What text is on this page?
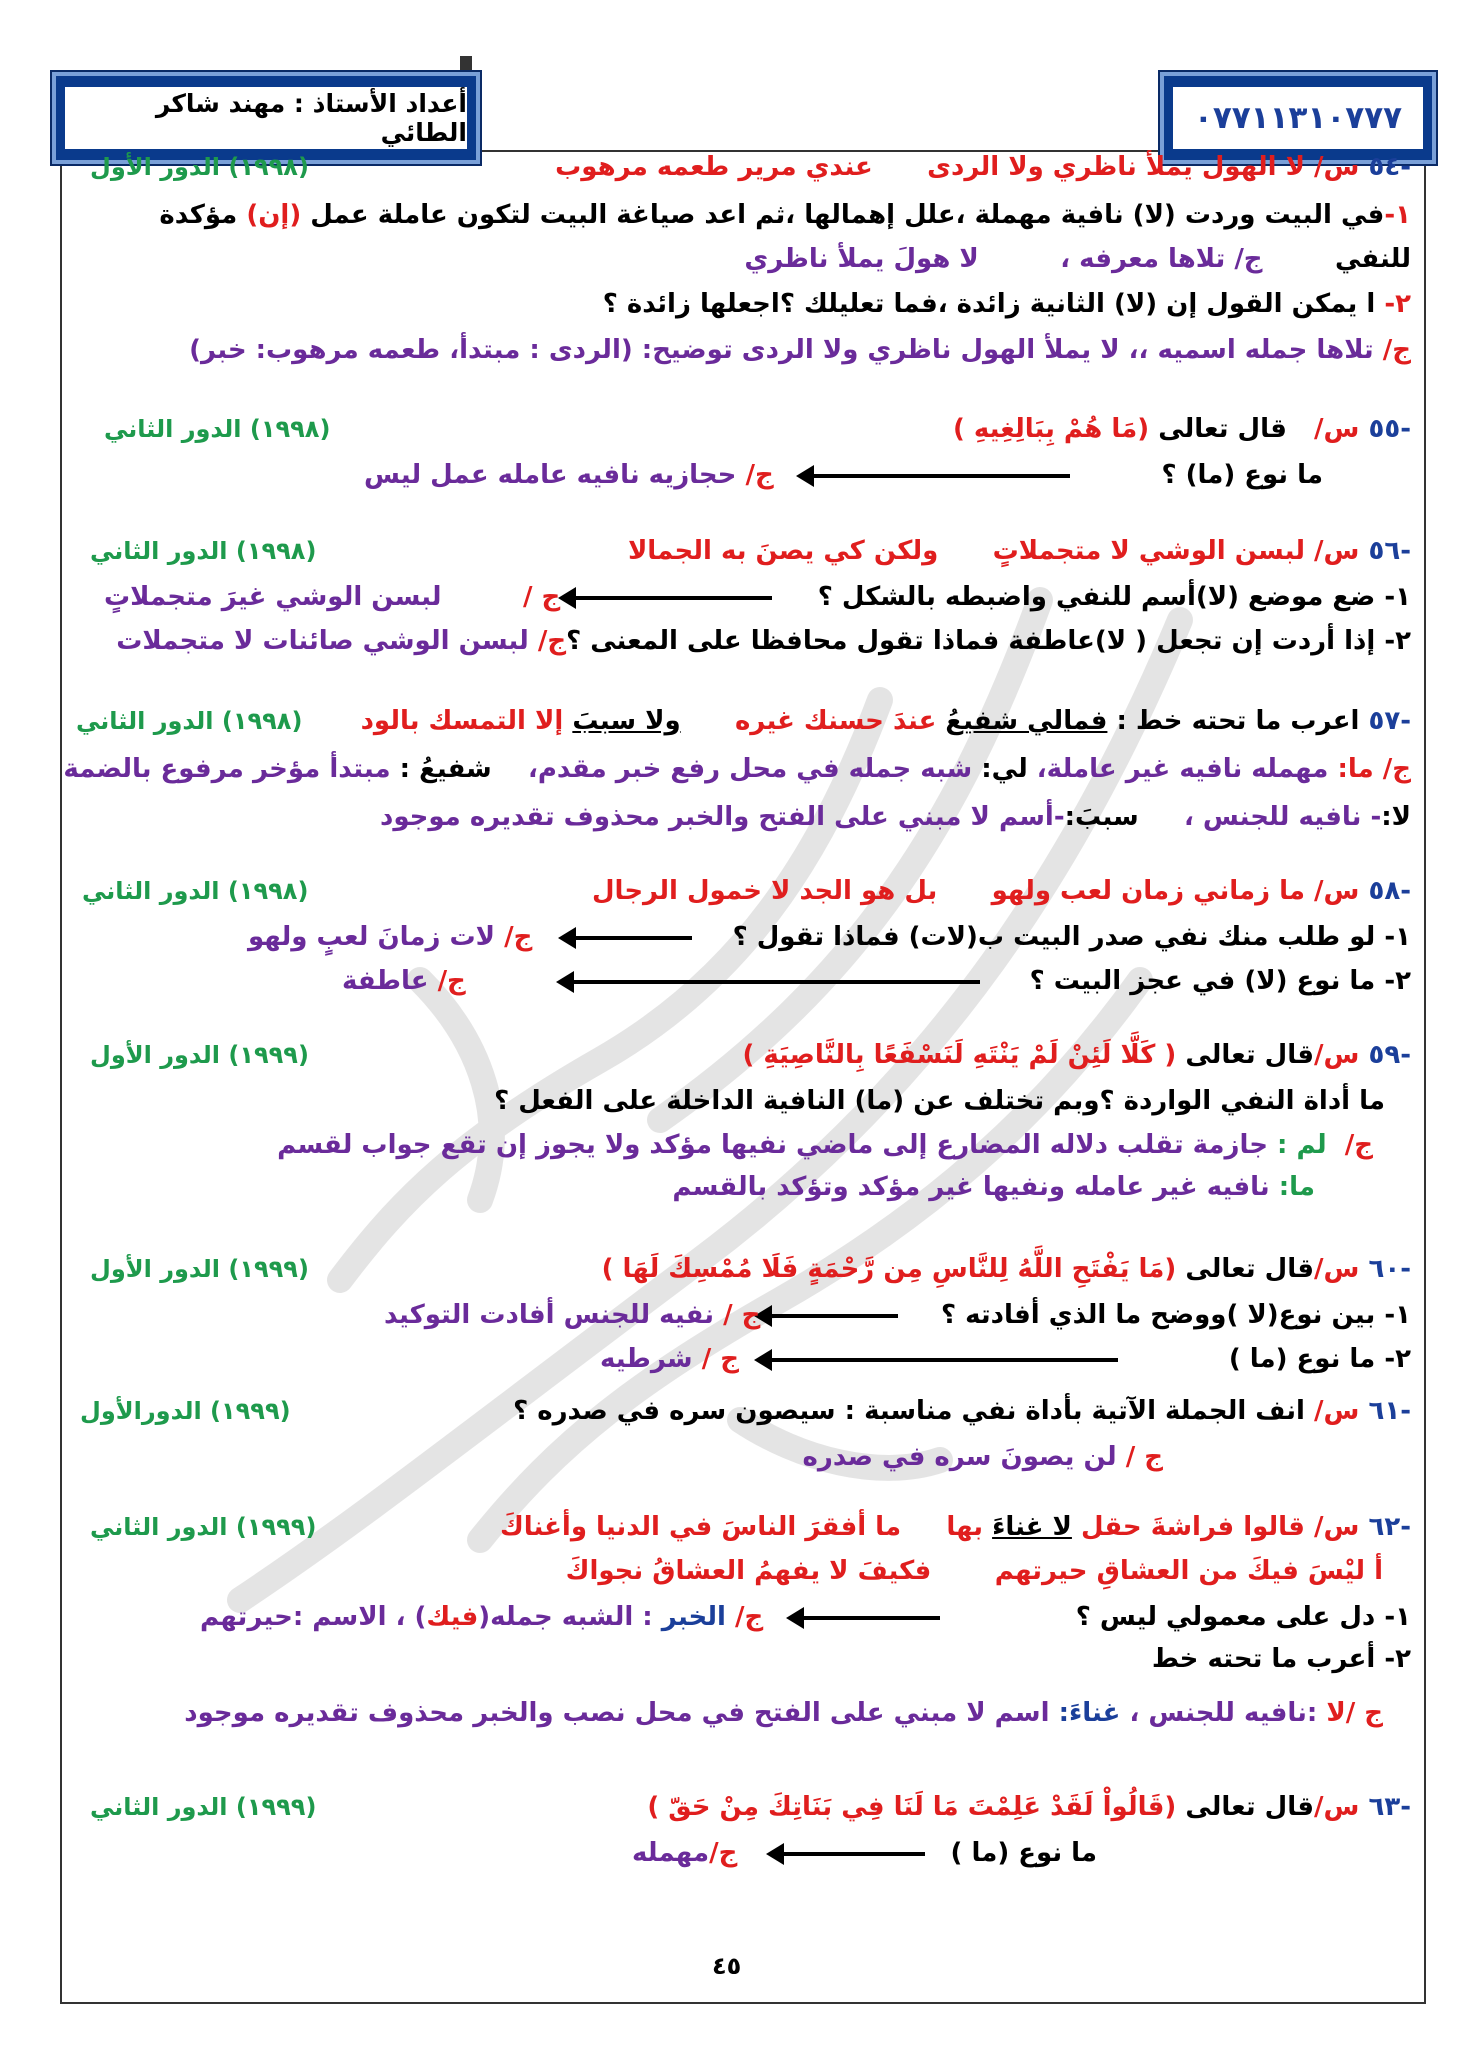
أعداد الأستاذ : مهند شاكر الطائي	٠٧٧١١٣١٠٧٧٧
(١٩٩٨) الدور الأول	-٥٤ س/ لا الهول يملأ ناظري ولا الردى      عندي مرير طعمه مرهوب
١-في البيت وردت (لا) نافية مهملة ،علل إهمالها ،ثم اعد صياغة البيت لتكون عاملة عمل (إن) مؤكدة
للنفي        ج/ تلاها معرفه ،         لا هولَ يملأ ناظري
٢- ا يمكن القول إن (لا) الثانية زائدة ،فما تعليلك ؟اجعلها زائدة ؟
ج/ تلاها جمله اسميه ،، لا يملأ الهول ناظري ولا الردى توضيح: (الردى : مبتدأ، طعمه مرهوب: خبر)
(١٩٩٨) الدور الثاني	-٥٥ س/   قال تعالى (مَا هُمْ بِبَالِغِيهِ )
ما نوع (ما) ؟
ج/ حجازيه نافيه عامله عمل ليس
(١٩٩٨) الدور الثاني	-٥٦ س/ لبسن الوشي لا متجملاتٍ      ولكن كي يصنَ به الجمالا
١- ضع موضع (لا)أسم للنفي واضبطه بالشكل ؟
ج /         لبسن الوشي غيرَ متجملاتٍ
٢- إذا أردت إن تجعل ( لا)عاطفة فماذا تقول محافظا على المعنى ؟ج/ لبسن الوشي صائنات لا متجملات
(١٩٩٨) الدور الثاني	-٥٧ اعرب ما تحته خط : فمالي شفيعُ عندَ حسنك غيره      ولا سببَ إلا التمسك بالود
ج/ ما: مهمله نافيه غير عاملة، لي: شبه جمله في محل رفع خبر مقدم،    شفيعُ : مبتدأ مؤخر مرفوع بالضمة
لا:- نافيه للجنس ،     سببَ:-أسم لا مبني على الفتح والخبر محذوف تقديره موجود
(١٩٩٨) الدور الثاني	-٥٨ س/ ما زماني زمان لعب ولهو      بل هو الجد لا خمول الرجال
١- لو طلب منك نفي صدر البيت ب(لات) فماذا تقول ؟
ج/ لات زمانَ لعبٍ ولهو
٢- ما نوع (لا) في عجز البيت ؟
ج/ عاطفة
(١٩٩٩) الدور الأول	-٥٩ س/قال تعالى ( كَلَّا لَئِنْ لَمْ يَنْتَهِ لَنَسْفَعًا بِالنَّاصِيَةِ )
ما أداة النفي الواردة ؟وبم تختلف عن (ما) النافية الداخلة على الفعل ؟
ج/  لم : جازمة تقلب دلاله المضارع إلى ماضي نفيها مؤكد ولا يجوز إن تقع جواب لقسم
ما: نافيه غير عامله ونفيها غير مؤكد وتؤكد بالقسم
(١٩٩٩) الدور الأول	-٦٠ س/قال تعالى (مَا يَفْتَحِ اللَّهُ لِلنَّاسِ مِن رَّحْمَةٍ فَلَا مُمْسِكَ لَهَا )
١- بين نوع(لا )ووضح ما الذي أفادته ؟
ج / نفيه للجنس أفادت التوكيد
٢- ما نوع (ما )
ج / شرطيه
(١٩٩٩) الدورالأول	-٦١ س/ انف الجملة الآتية بأداة نفي مناسبة : سيصون سره في صدره ؟
ج / لن يصونَ سره في صدره
(١٩٩٩) الدور الثاني	-٦٢ س/ قالوا فراشةَ حقل لا غناءَ بها     ما أفقرَ الناسَ في الدنيا وأغناكَ
أ ليْسَ فيكَ من العشاقِ حيرتهم       فكيفَ لا يفهمُ العشاقُ نجواكَ
١- دل على معمولي ليس ؟
ج/ الخبر : الشبه جمله(فيك) ، الاسم :حيرتهم
٢- أعرب ما تحته خط
ج /لا :نافيه للجنس ، غناءَ: اسم لا مبني على الفتح في محل نصب والخبر محذوف تقديره موجود
(١٩٩٩) الدور الثاني	-٦٣ س/قال تعالى (قَالُواْ لَقَدْ عَلِمْتَ مَا لَنَا فِي بَنَاتِكَ مِنْ حَقّ )
ما نوع (ما )
ج/مهمله
٤٥
